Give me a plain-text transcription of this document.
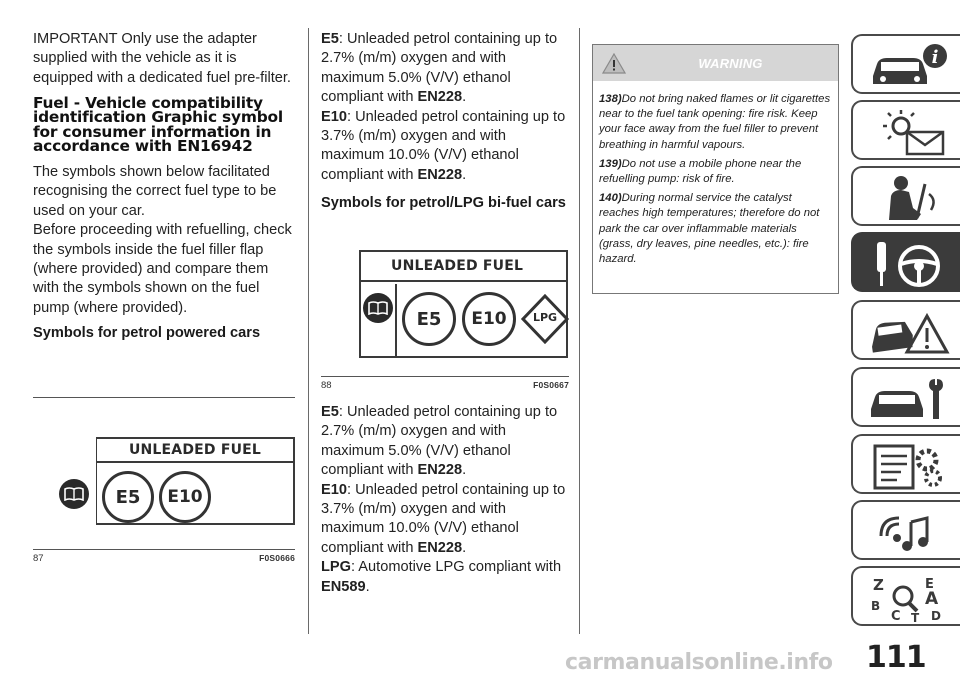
IMPORTANT Only use the adapter supplied with the vehicle as it is equipped with a dedicated fuel pre-filter.

Fuel - Vehicle compatibility identification Graphic symbol for consumer information in accordance with EN16942

The symbols shown below facilitated recognising the correct fuel type to be used on your car.

Before proceeding with refuelling, check the symbols inside the fuel filler flap (where provided) and compare them with the symbols shown on the fuel pump (where provided).

Symbols for petrol powered cars

UNLEADED FUEL
E5 E10
87	F0S0666

E5: Unleaded petrol containing up to 2.7% (m/m) oxygen and with maximum 5.0% (V/V) ethanol compliant with EN228.

E10: Unleaded petrol containing up to 3.7% (m/m) oxygen and with maximum 10.0% (V/V) ethanol compliant with EN228.

Symbols for petrol/LPG bi-fuel cars

UNLEADED FUEL
E5 E10	LPG
88	F0S0667

E5: Unleaded petrol containing up to 2.7% (m/m) oxygen and with maximum 5.0% (V/V) ethanol compliant with EN228.

E10: Unleaded petrol containing up to 3.7% (m/m) oxygen and with maximum 10.0% (V/V) ethanol compliant with EN228.

LPG: Automotive LPG compliant with EN589.

WARNING

138)Do not bring naked flames or lit cigarettes near to the fuel tank opening: fire risk. Keep your face away from the fuel filler to prevent breathing in harmful vapours.

139)Do not use a mobile phone near the refuelling pump: risk of fire.

140)During normal service the catalyst reaches high temperatures; therefore do not park the car over inflammable materials (grass, dry leaves, pine needles, etc.): fire hazard.

i
Z	E
B
C
A
D
T
carmanualsonline.info 111
